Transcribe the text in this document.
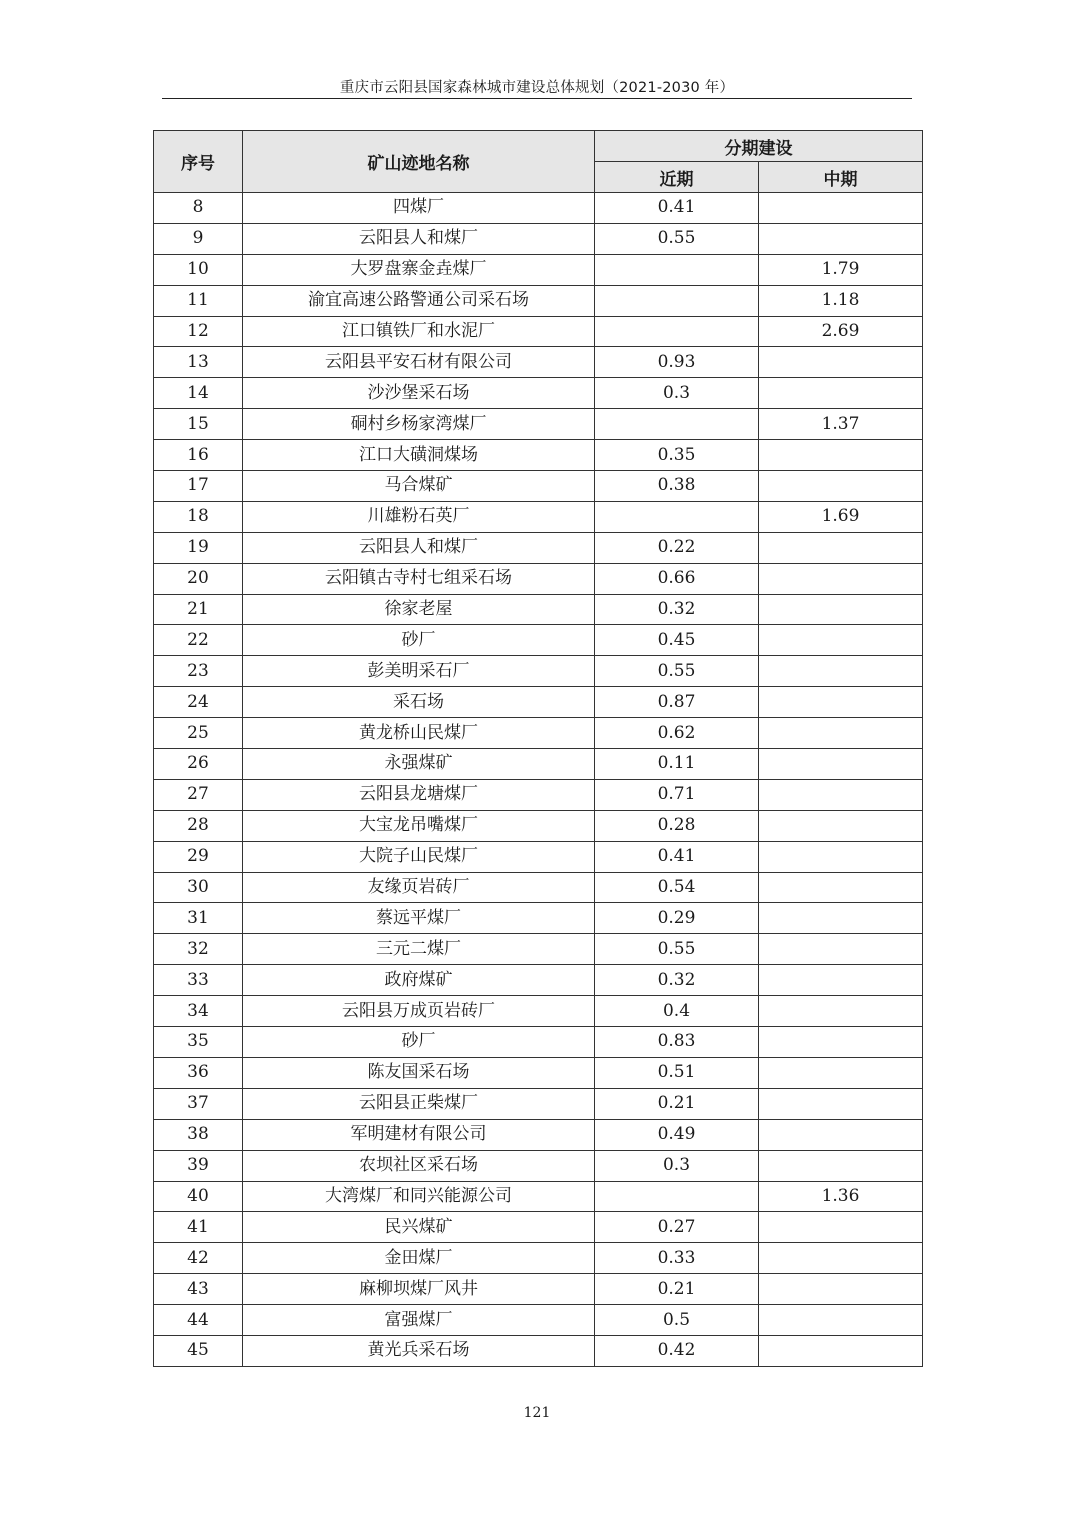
重庆市云阳县国家森林城市建设总体规划（2021-2030 年）
序号	矿山迹地名称	分期建设	
		近期	中期
8	四煤厂	0.41	
9	云阳县人和煤厂	0.55	
10	大罗盘寨金垚煤厂		1.79
11	渝宜高速公路警通公司采石场		1.18
12	江口镇铁厂和水泥厂		2.69
13	云阳县平安石材有限公司	0.93	
14	沙沙堡采石场	0.3	
15	硐村乡杨家湾煤厂		1.37
16	江口大磺洞煤场	0.35	
17	马合煤矿	0.38	
18	川雄粉石英厂		1.69
19	云阳县人和煤厂	0.22	
20	云阳镇古寺村七组采石场	0.66	
21	徐家老屋	0.32	
22	砂厂	0.45	
23	彭美明采石厂	0.55	
24	采石场	0.87	
25	黄龙桥山民煤厂	0.62	
26	永强煤矿	0.11	
27	云阳县龙塘煤厂	0.71	
28	大宝龙吊嘴煤厂	0.28	
29	大院子山民煤厂	0.41	
30	友缘页岩砖厂	0.54	
31	蔡远平煤厂	0.29	
32	三元二煤厂	0.55	
33	政府煤矿	0.32	
34	云阳县万成页岩砖厂	0.4	
35	砂厂	0.83	
36	陈友国采石场	0.51	
37	云阳县正柴煤厂	0.21	
38	军明建材有限公司	0.49	
39	农坝社区采石场	0.3	
40	大湾煤厂和同兴能源公司		1.36
41	民兴煤矿	0.27	
42	金田煤厂	0.33	
43	麻柳坝煤厂风井	0.21	
44	富强煤厂	0.5	
45	黄光兵采石场	0.42	
121
